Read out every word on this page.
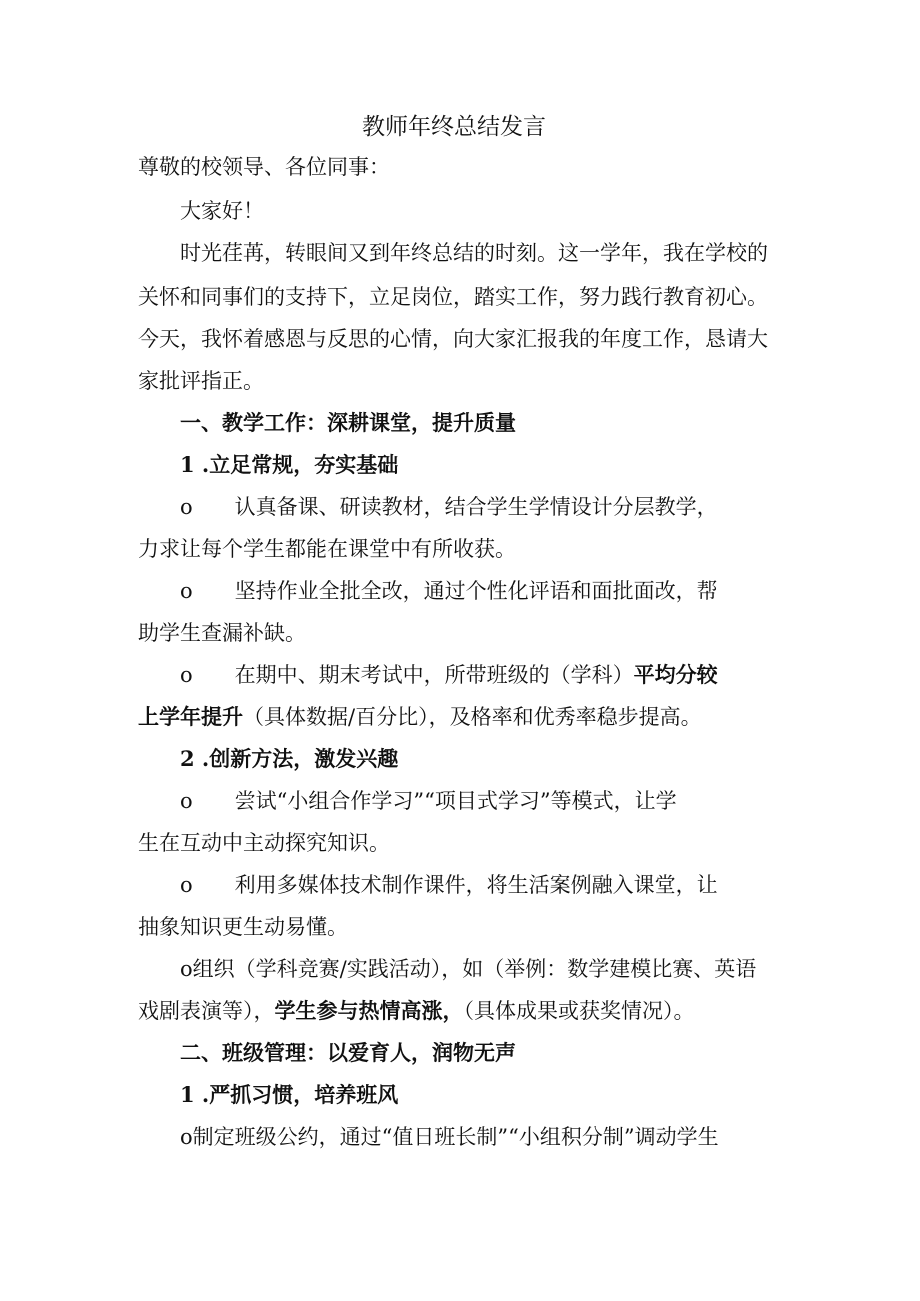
教师年终总结发言

尊敬的校领导、各位同事：

大家好！

时光荏苒，转眼间又到年终总结的时刻。这一学年，我在学校的

关怀和同事们的支持下，立足岗位，踏实工作，努力践行教育初心。

今天，我怀着感恩与反思的心情，向大家汇报我的年度工作，恳请大

家批评指正。

一、教学工作：深耕课堂，提升质量

1 .立足常规，夯实基础

o　　认真备课、研读教材，结合学生学情设计分层教学，

力求让每个学生都能在课堂中有所收获。

o　　坚持作业全批全改，通过个性化评语和面批面改，帮

助学生查漏补缺。

o　　在期中、期末考试中，所带班级的（学科）平均分较

上学年提升（具体数据/百分比），及格率和优秀率稳步提高。

2 .创新方法，激发兴趣

o　　尝试“小组合作学习”“项目式学习”等模式，让学

生在互动中主动探究知识。

o　　利用多媒体技术制作课件，将生活案例融入课堂，让

抽象知识更生动易懂。

o组织（学科竞赛/实践活动），如（举例：数学建模比赛、英语

戏剧表演等），学生参与热情高涨，（具体成果或获奖情况）。

二、班级管理：以爱育人，润物无声

1 .严抓习惯，培养班风

o制定班级公约，通过“值日班长制”“小组积分制”调动学生
